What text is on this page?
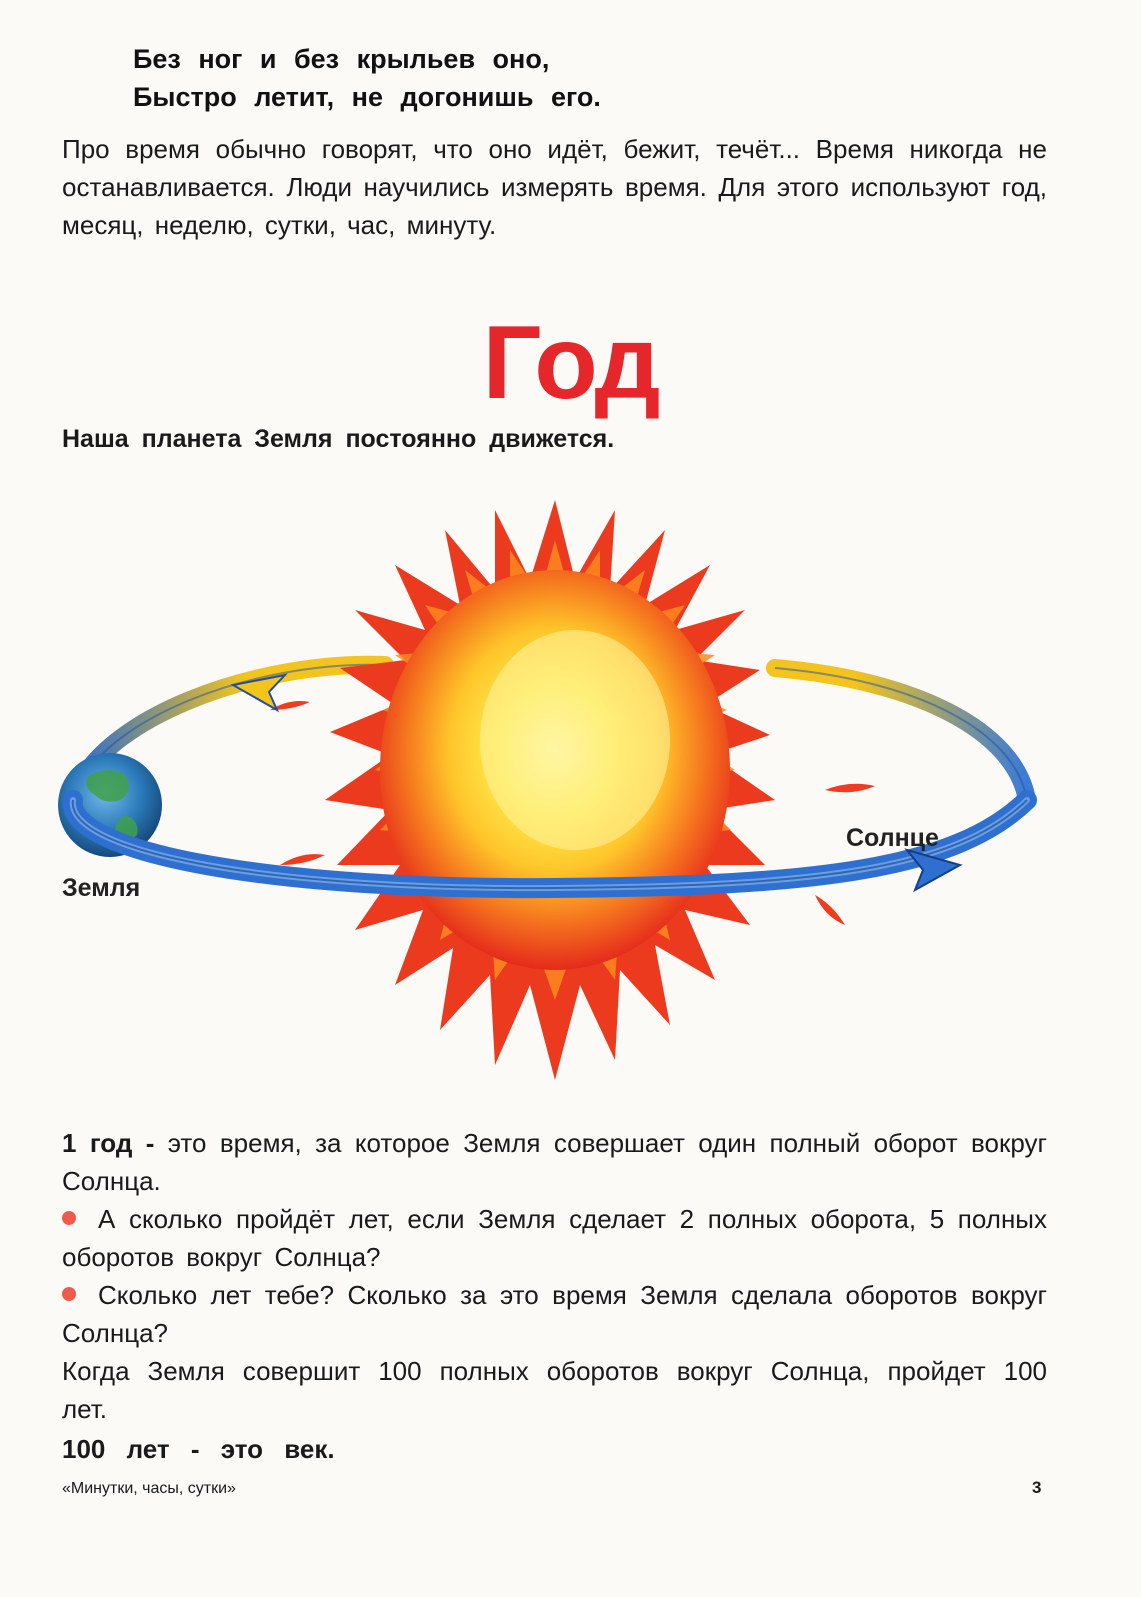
Без ног и без крыльев оно,
Быстро летит, не догонишь его.
Про время обычно говорят, что оно идёт, бежит, течёт... Время никогда не останавливается. Люди научились измерять время. Для этого используют год, месяц, неделю, сутки, час, минуту.
Год
Наша планета Земля постоянно движется.
Земля
Солнце

1 год - это время, за которое Земля совершает один полный оборот вокруг Солнца.

А сколько пройдёт лет, если Земля сделает 2 полных оборота, 5 полных оборотов вокруг Солнца?

Сколько лет тебе? Сколько за это время Земля сделала оборотов вокруг Солнца?

Когда Земля совершит 100 полных оборотов вокруг Солнца, пройдет 100 лет.

100 лет - это век.

«Минутки, часы, сутки»	3
